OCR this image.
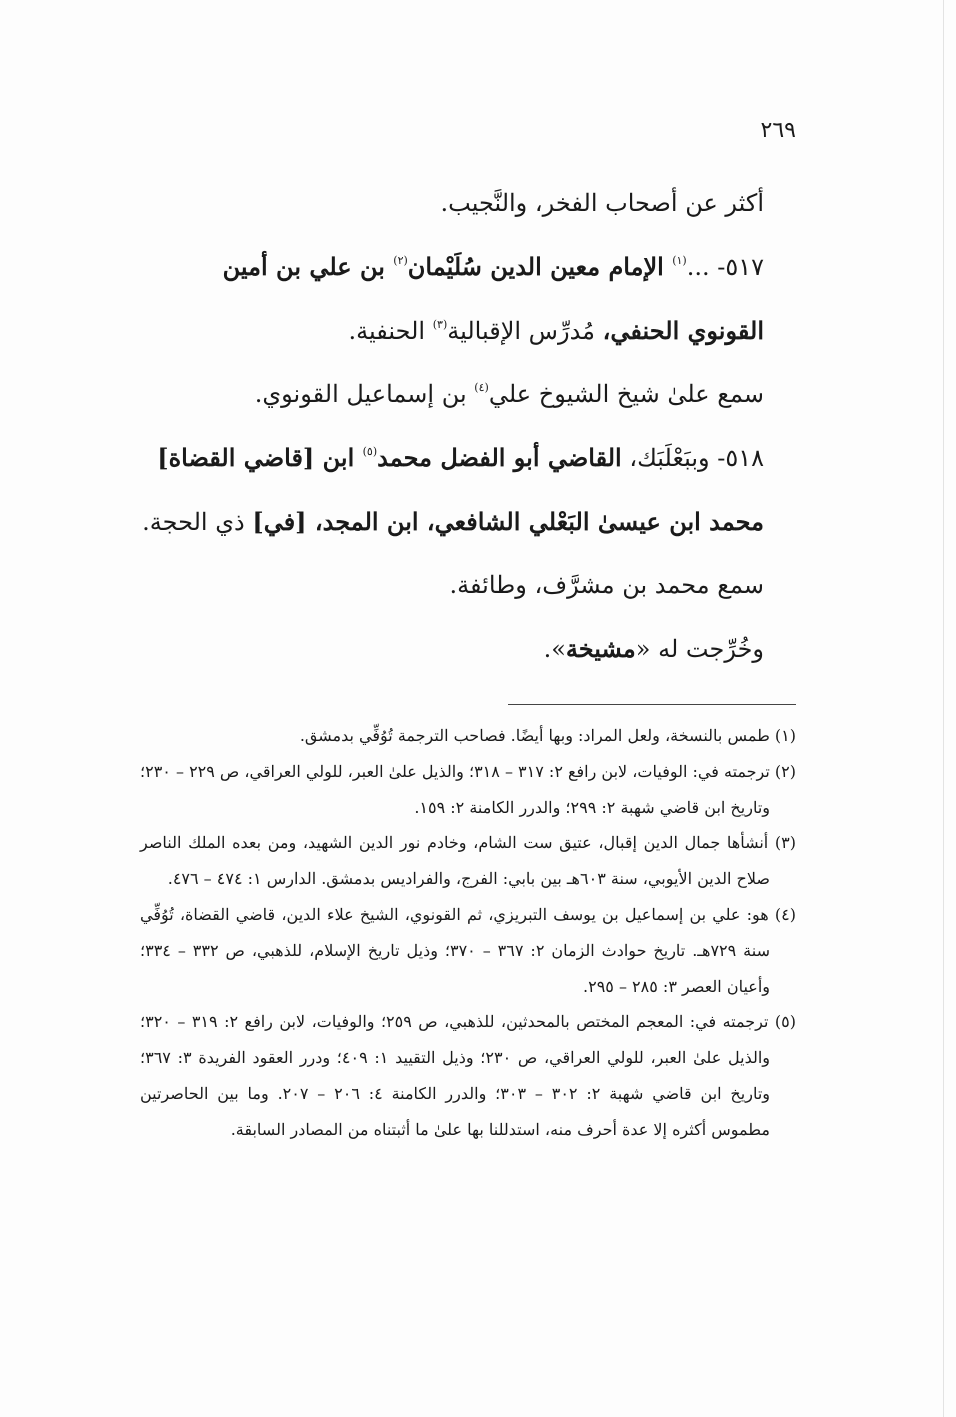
٢٦٩

أكثر عن أصحاب الفخر، والنَّجيب.

٥١٧- ...$^{(١)}$ الإمام معين الدين سُلَيْمان$^{(٢)}$ بن علي بن أمين القونوي الحنفي، مُدرِّس الإقبالية$^{(٣)}$ الحنفية.

سمع علىٰ شيخ الشيوخ علي$^{(٤)}$ بن إسماعيل القونوي.

٥١٨- وببَعْلَبَك، القاضي أبو الفضل محمد$^{(٥)}$ ابن [قاضي القضاة] محمد ابن عيسىٰ البَعْلي الشافعي، ابن المجد، [في] ذي الحجة.

سمع محمد بن مشرَّف، وطائفة.

وخُرِّجت له «مشيخة».

(١) طمس بالنسخة، ولعل المراد: وبها أيضًا. فصاحب الترجمة تُوُفِّي بدمشق.

(٢) ترجمته في: الوفيات، لابن رافع ٢: ٣١٧ – ٣١٨؛ والذيل علىٰ العبر، للولي العراقي، ص ٢٢٩ – ٢٣٠؛ وتاريخ ابن قاضي شهبة ٢: ٢٩٩؛ والدرر الكامنة ٢: ١٥٩.

(٣) أنشأها جمال الدين إقبال، عتيق ست الشام، وخادم نور الدين الشهيد، ومن بعده الملك الناصر صلاح الدين الأيوبي، سنة ٦٠٣هـ بين بابي: الفرج، والفراديس بدمشق. الدارس ١: ٤٧٤ – ٤٧٦.

(٤) هو: علي بن إسماعيل بن يوسف التبريزي، ثم القونوي، الشيخ علاء الدين، قاضي القضاة، تُوُفِّي سنة ٧٢٩هـ. تاريخ حوادث الزمان ٢: ٣٦٧ – ٣٧٠؛ وذيل تاريخ الإسلام، للذهبي، ص ٣٣٢ – ٣٣٤؛ وأعيان العصر ٣: ٢٨٥ – ٢٩٥.

(٥) ترجمته في: المعجم المختص بالمحدثين، للذهبي، ص ٢٥٩؛ والوفيات، لابن رافع ٢: ٣١٩ – ٣٢٠؛ والذيل علىٰ العبر، للولي العراقي، ص ٢٣٠؛ وذيل التقييد ١: ٤٠٩؛ ودرر العقود الفريدة ٣: ٣٦٧؛ وتاريخ ابن قاضي شهبة ٢: ٣٠٢ – ٣٠٣؛ والدرر الكامنة ٤: ٢٠٦ – ٢٠٧. وما بين الحاصرتين مطموس أكثره إلا عدة أحرف منه، استدللنا بها علىٰ ما أثبتناه من المصادر السابقة.
